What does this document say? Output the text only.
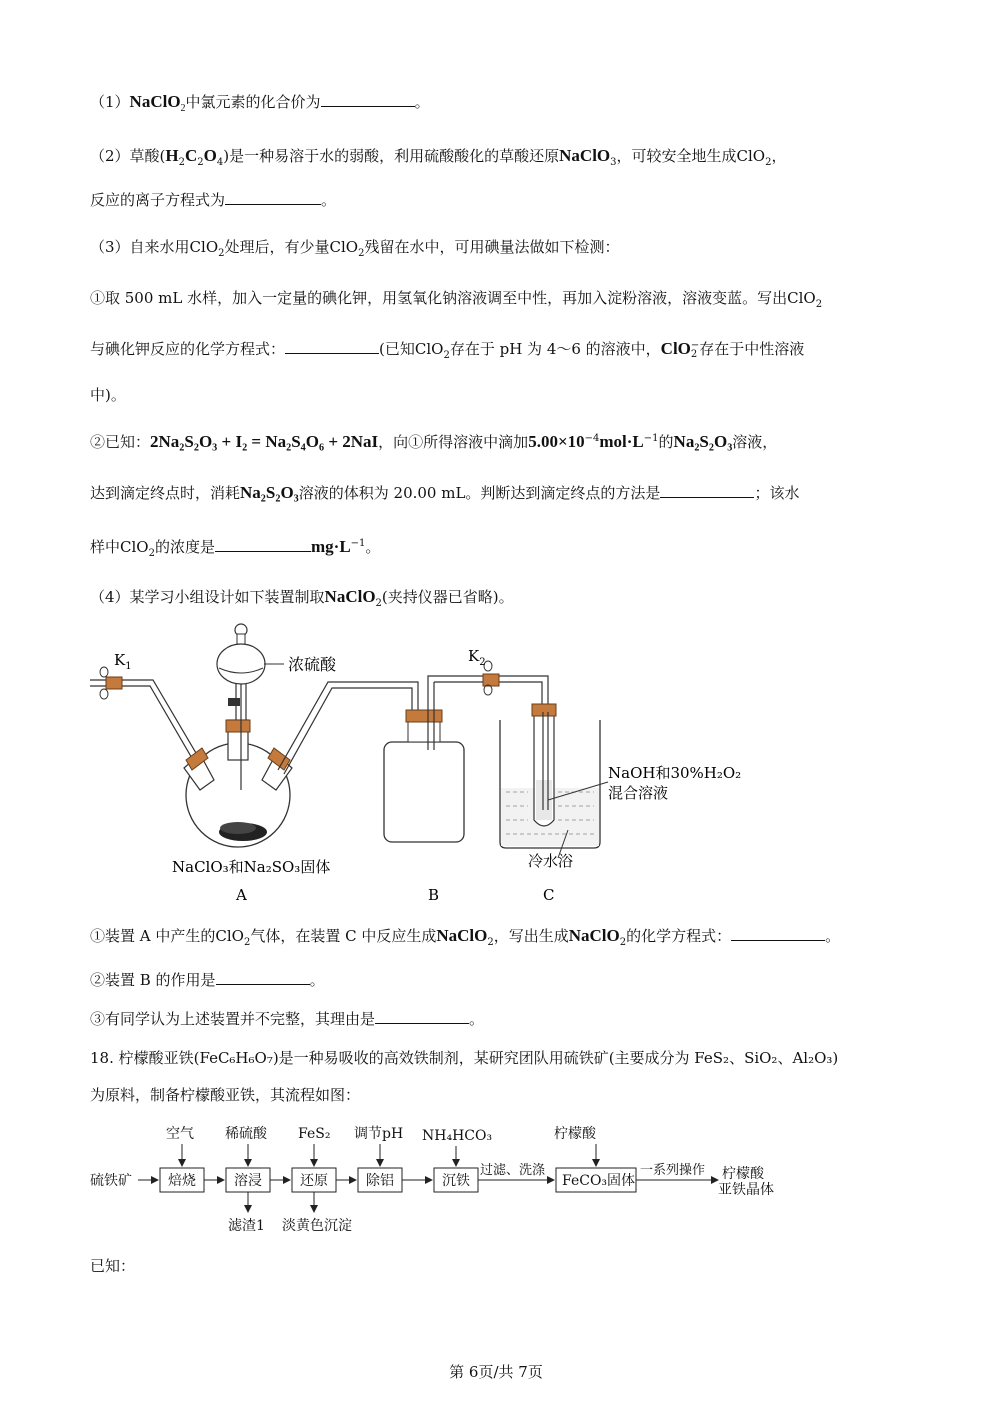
（1）NaClO$_2$中氯元素的化合价为	。
（2）草酸$(H_2C_2O_4)$是一种易溶于水的弱酸，利用硫酸酸化的草酸还原NaClO$_3$，可较安全地生成ClO$_2$，
反应的离子方程式为	。
（3）自来水用ClO$_2$处理后，有少量ClO$_2$残留在水中，可用碘量法做如下检测：
①取 500 mL 水样，加入一定量的碘化钾，用氢氧化钠溶液调至中性，再加入淀粉溶液，溶液变蓝。写出ClO$_2$
与碘化钾反应的化学方程式：	(已知ClO$_2$存在于 pH 为 4～6 的溶液中，ClO −
2 存在于中性溶液
中)。
②已知：2Na₂S₂O₃ + I₂ = Na₂S₄O₆ + 2NaI，向①所得溶液中滴加$5.00\times 10^{-4}mol\cdot L^{-1}$的Na₂S₂O₃溶液，
达到滴定终点时，消耗Na₂S₂O₃溶液的体积为 20.00 mL。判断达到滴定终点的方法是	；该水
样中ClO$_2$的浓度是	$mg\cdot L^{-1}$。
（4）某学习小组设计如下装置制取NaClO$_2$(夹持仪器已省略)。
$K_1$
$K_2$
浓硫酸
NaClO₃和Na₂SO₃固体
NaOH和30%H₂O₂
混合溶液
冷水浴
A	B	C
①装置 A 中产生的ClO$_2$气体，在装置 C 中反应生成NaClO$_2$，写出生成NaClO$_2$的化学方程式：	。
②装置 B 的作用是	。
③有同学认为上述装置并不完整，其理由是	。
18. 柠檬酸亚铁(FeC₆H₆O₇)是一种易吸收的高效铁制剂，某研究团队用硫铁矿(主要成分为 FeS₂、SiO₂、Al₂O₃)
为原料，制备柠檬酸亚铁，其流程如图：
硫铁矿	焙烧	溶浸	还原	除铝	沉铁
过滤、洗涤
FeCO₃固体
一系列操作 柠檬酸
亚铁晶体
空气 稀硫酸 FeS₂ 调节pH NH₄HCO₃	柠檬酸
滤渣1 淡黄色沉淀
已知：
第 6页/共 7页
